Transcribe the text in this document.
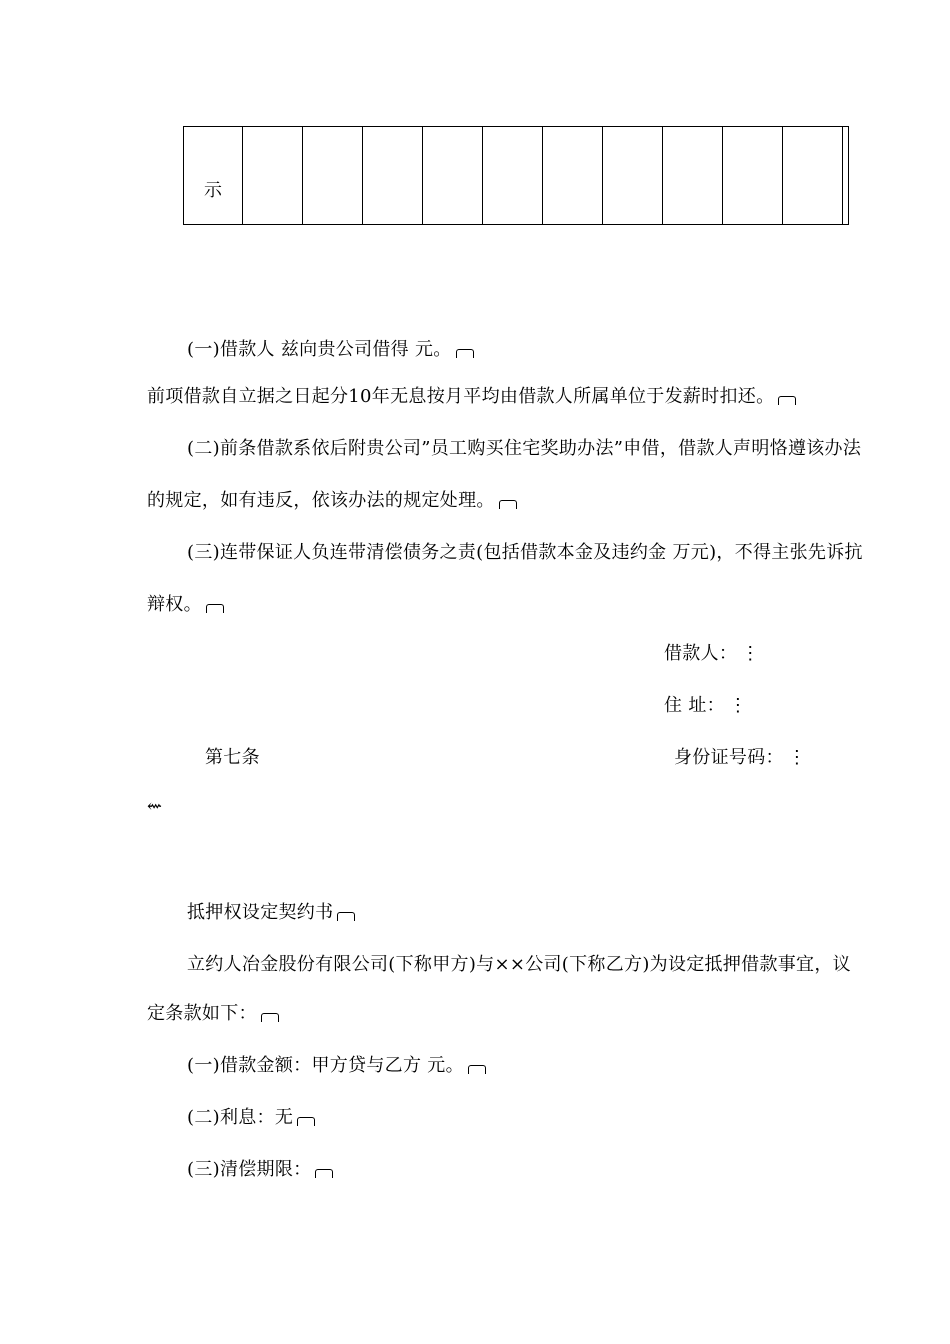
示											
(一)借款人 兹向贵公司借得 元。
前项借款自立据之日起分10年无息按月平均由借款人所属单位于发薪时扣还。
(二)前条借款系依后附贵公司”员工购买住宅奖助办法”申借，借款人声明恪遵该办法
的规定，如有违反，依该办法的规定处理。
(三)连带保证人负连带清偿债务之责(包括借款本金及违约金 万元)，不得主张先诉抗
辩权。
借款人： ⋮
住 址： ⋮
第七条	身份证号码： ⋮
⇜
抵押权设定契约书
立约人冶金股份有限公司(下称甲方)与××公司(下称乙方)为设定抵押借款事宜，议
定条款如下：
(一)借款金额：甲方贷与乙方 元。
(二)利息：无
(三)清偿期限：
